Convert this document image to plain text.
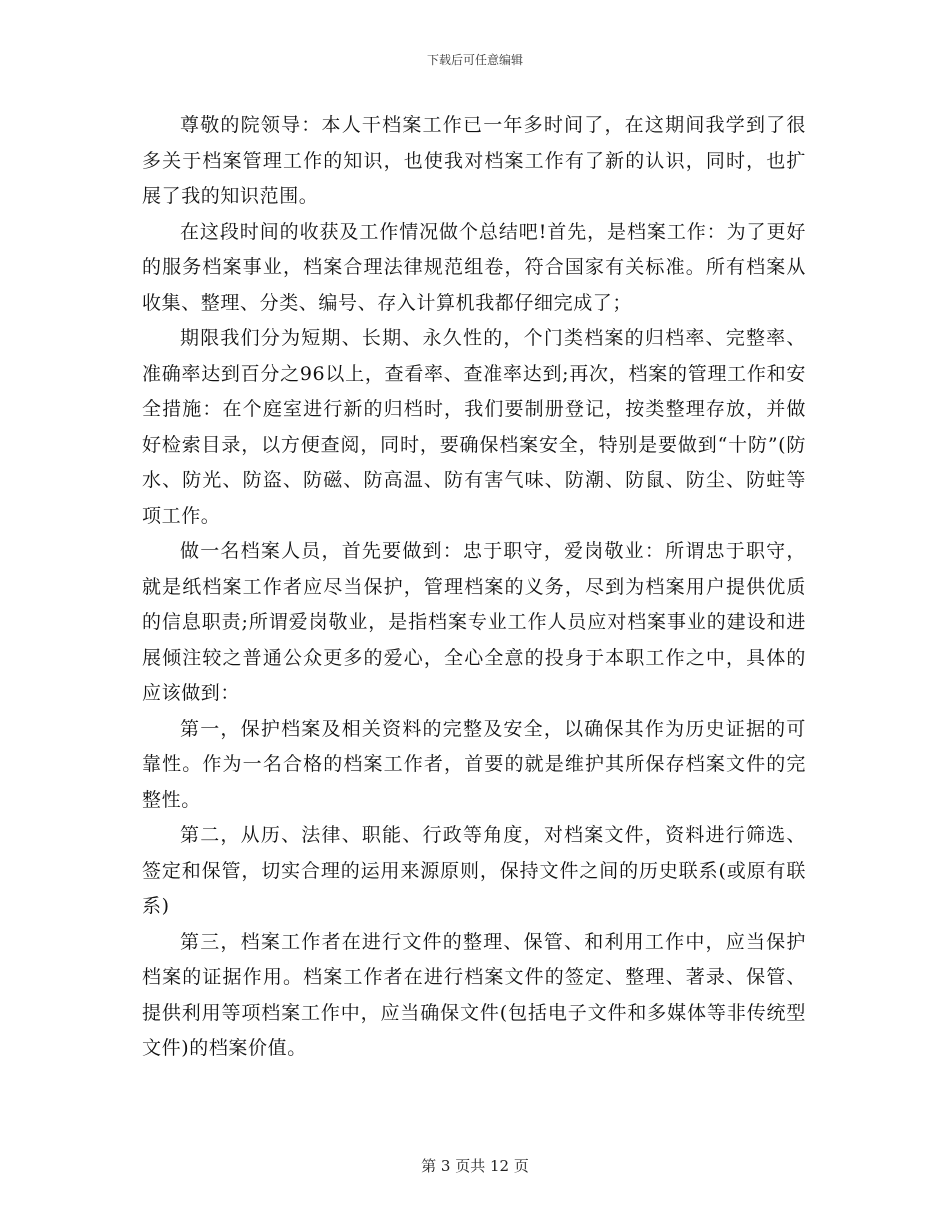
下载后可任意编辑

尊敬的院领导：本人干档案工作已一年多时间了，在这期间我学到了很多关于档案管理工作的知识，也使我对档案工作有了新的认识，同时，也扩展了我的知识范围。

在这段时间的收获及工作情况做个总结吧!首先，是档案工作：为了更好的服务档案事业，档案合理法律规范组卷，符合国家有关标准。所有档案从收集、整理、分类、编号、存入计算机我都仔细完成了；

期限我们分为短期、长期、永久性的，个门类档案的归档率、完整率、准确率达到百分之96以上，查看率、查准率达到;再次，档案的管理工作和安全措施：在个庭室进行新的归档时，我们要制册登记，按类整理存放，并做好检索目录，以方便查阅，同时，要确保档案安全，特别是要做到“十防”(防水、防光、防盗、防磁、防高温、防有害气味、防潮、防鼠、防尘、防蛀等项工作。

做一名档案人员，首先要做到：忠于职守，爱岗敬业：所谓忠于职守，就是纸档案工作者应尽当保护，管理档案的义务，尽到为档案用户提供优质的信息职责;所谓爱岗敬业，是指档案专业工作人员应对档案事业的建设和进展倾注较之普通公众更多的爱心，全心全意的投身于本职工作之中，具体的应该做到：

第一，保护档案及相关资料的完整及安全，以确保其作为历史证据的可靠性。作为一名合格的档案工作者，首要的就是维护其所保存档案文件的完整性。

第二，从历、法律、职能、行政等角度，对档案文件，资料进行筛选、签定和保管，切实合理的运用来源原则，保持文件之间的历史联系(或原有联系)

第三，档案工作者在进行文件的整理、保管、和利用工作中，应当保护档案的证据作用。档案工作者在进行档案文件的签定、整理、著录、保管、提供利用等项档案工作中，应当确保文件(包括电子文件和多媒体等非传统型文件)的档案价值。

第 3 页共 12 页
